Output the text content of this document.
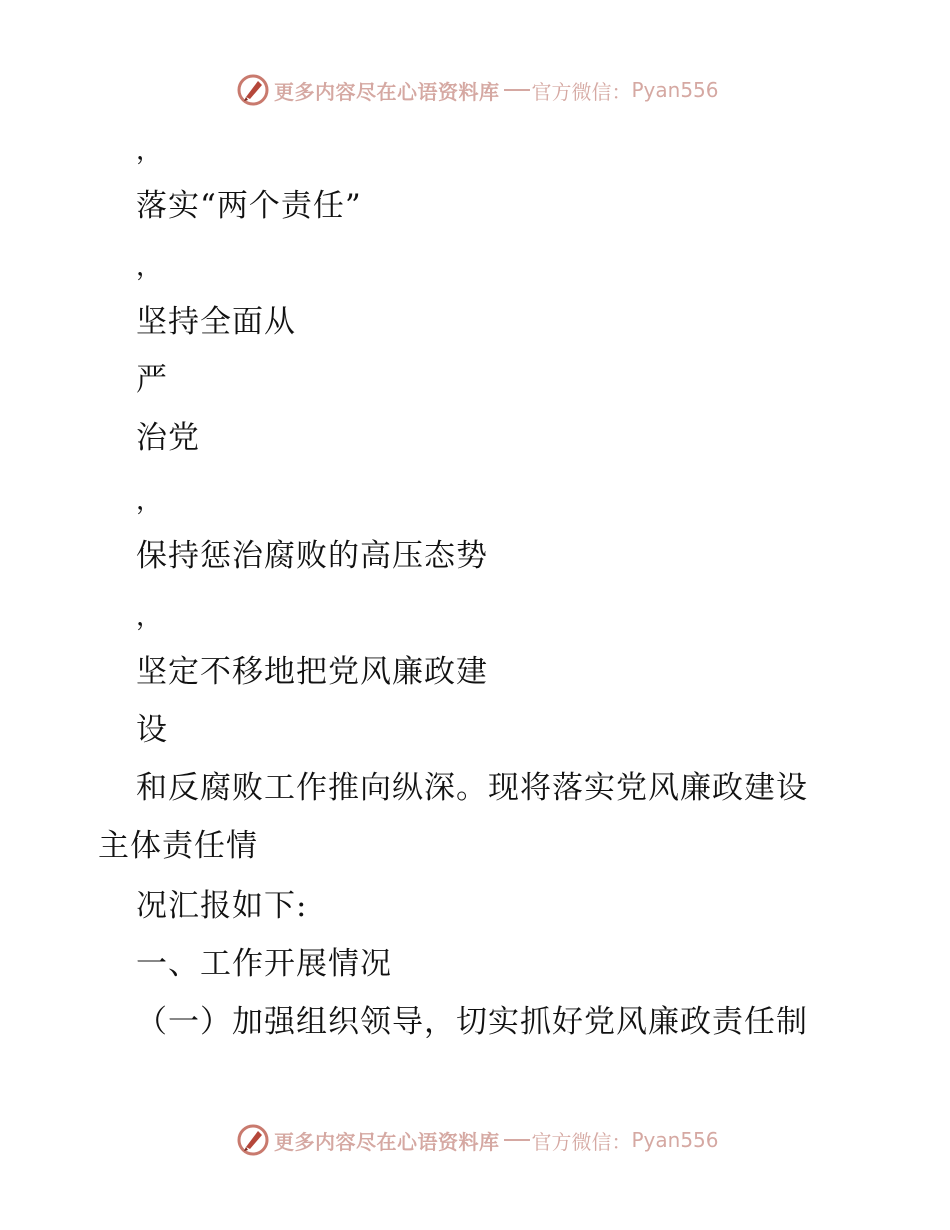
更多内容尽在心语资料库 官方微信： Pyan556
，
落实“两个责任”
，
坚持全面从
严
治党
，
保持惩治腐败的高压态势
，
坚定不移地把党风廉政建
设
和反腐败工作推向纵深。现将落实党风廉政建设
主体责任情
况汇报如下:
一、工作开展情况
（一）加强组织领导，切实抓好党风廉政责任制
更多内容尽在心语资料库 官方微信： Pyan556
